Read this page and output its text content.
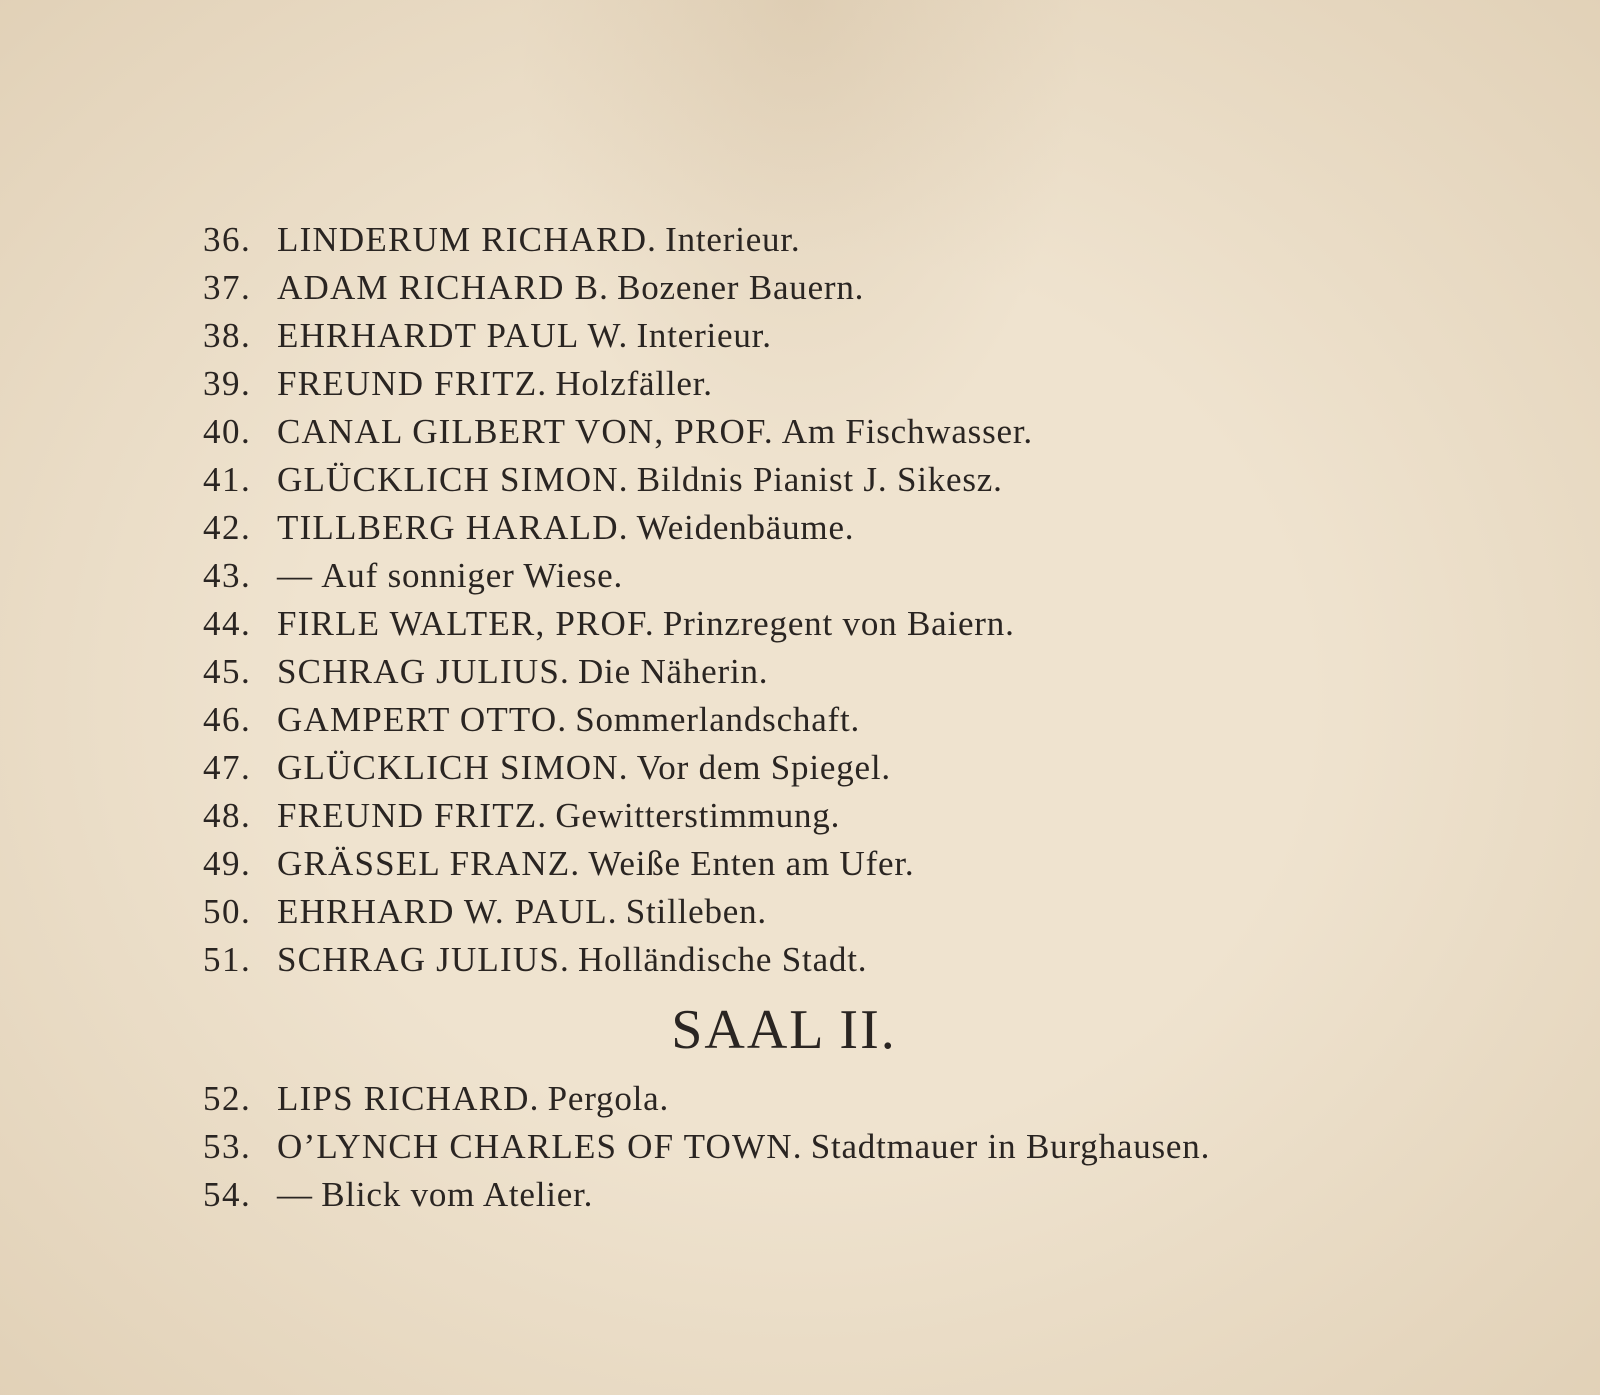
36. LINDERUM RICHARD. Interieur.
37. ADAM RICHARD B. Bozener Bauern.
38. EHRHARDT PAUL W. Interieur.
39. FREUND FRITZ. Holzfäller.
40. CANAL GILBERT VON, PROF. Am Fischwasser.
41. GLÜCKLICH SIMON. Bildnis Pianist J. Sikesz.
42. TILLBERG HARALD. Weidenbäume.
43. — Auf sonniger Wiese.
44. FIRLE WALTER, PROF. Prinzregent von Baiern.
45. SCHRAG JULIUS. Die Näherin.
46. GAMPERT OTTO. Sommerlandschaft.
47. GLÜCKLICH SIMON. Vor dem Spiegel.
48. FREUND FRITZ. Gewitterstimmung.
49. GRÄSSEL FRANZ. Weiße Enten am Ufer.
50. EHRHARD W. PAUL. Stilleben.
51. SCHRAG JULIUS. Holländische Stadt.
SAAL II.
52. LIPS RICHARD. Pergola.
53. O’LYNCH CHARLES OF TOWN. Stadtmauer in Burghausen.
54. — Blick vom Atelier.
